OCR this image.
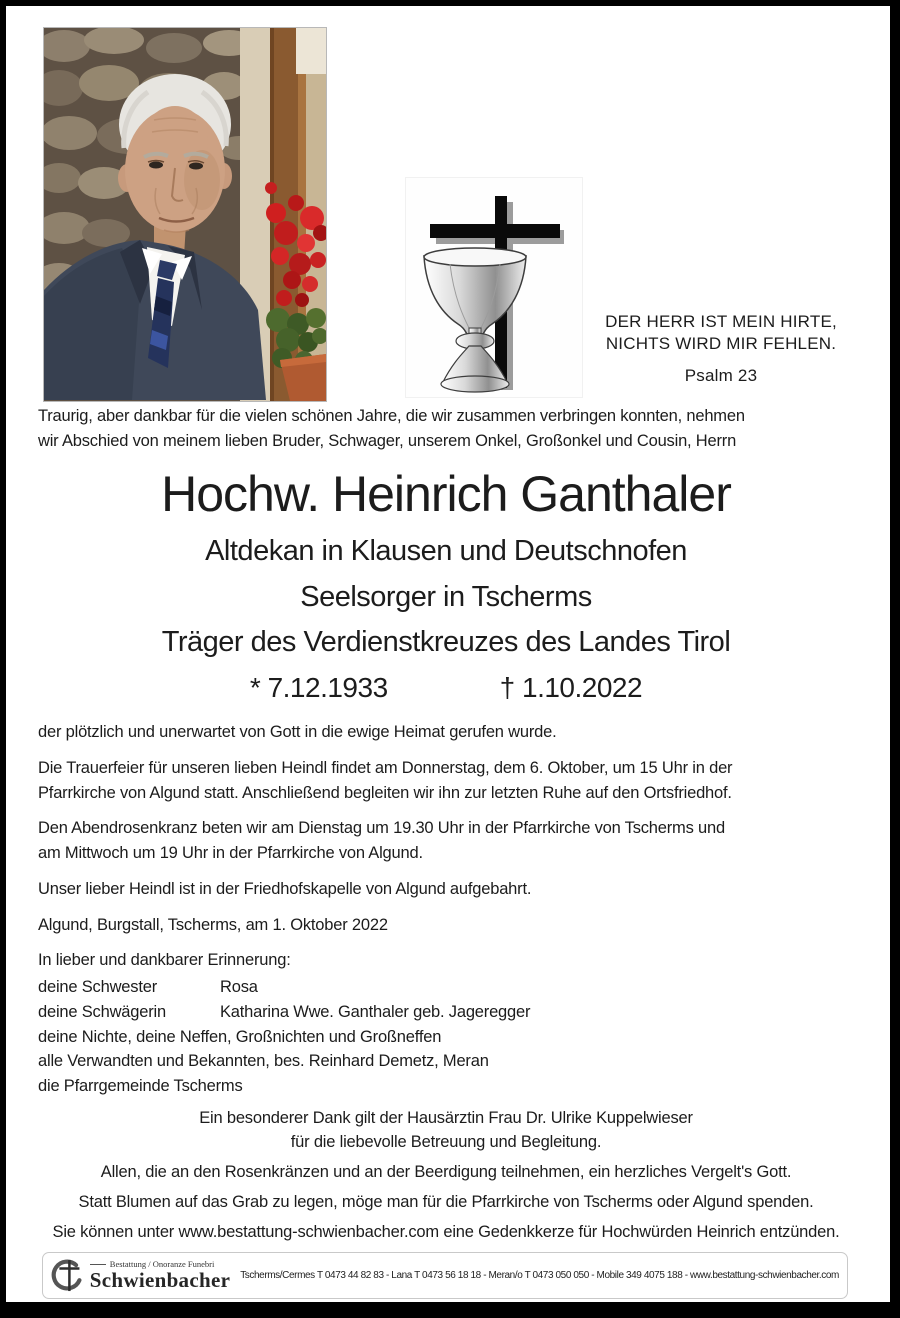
DER HERR IST MEIN HIRTE,
NICHTS WIRD MIR FEHLEN.
Psalm 23
Traurig, aber dankbar für die vielen schönen Jahre, die wir zusammen verbringen konnten, nehmen
wir Abschied von meinem lieben Bruder, Schwager, unserem Onkel, Großonkel und Cousin, Herrn
Hochw. Heinrich Ganthaler
Altdekan in Klausen und Deutschnofen
Seelsorger in Tscherms
Träger des Verdienstkreuzes des Landes Tirol
* 7.12.1933	† 1.10.2022
der plötzlich und unerwartet von Gott in die ewige Heimat gerufen wurde.
Die Trauerfeier für unseren lieben Heindl findet am Donnerstag, dem 6. Oktober, um 15 Uhr in der
Pfarrkirche von Algund statt. Anschließend begleiten wir ihn zur letzten Ruhe auf den Ortsfriedhof.
Den Abendrosenkranz beten wir am Dienstag um 19.30 Uhr in der Pfarrkirche von Tscherms und
am Mittwoch um 19 Uhr in der Pfarrkirche von Algund.
Unser lieber Heindl ist in der Friedhofskapelle von Algund aufgebahrt.
Algund, Burgstall, Tscherms, am 1. Oktober 2022
In lieber und dankbarer Erinnerung:
deine Schwester	Rosa
deine Schwägerin	Katharina Wwe. Ganthaler geb. Jageregger
deine Nichte, deine Neffen, Großnichten und Großneffen
alle Verwandten und Bekannten, bes. Reinhard Demetz, Meran
die Pfarrgemeinde Tscherms
Ein besonderer Dank gilt der Hausärztin Frau Dr. Ulrike Kuppelwieser
für die liebevolle Betreuung und Begleitung.
Allen, die an den Rosenkränzen und an der Beerdigung teilnehmen, ein herzliches Vergelt's Gott.
Statt Blumen auf das Grab zu legen, möge man für die Pfarrkirche von Tscherms oder Algund spenden.
Sie können unter www.bestattung-schwienbacher.com eine Gedenkkerze für Hochwürden Heinrich entzünden.
Bestattung / Onoranze Funebri
Schwienbacher Tscherms/Cermes T 0473 44 82 83 - Lana T 0473 56 18 18 - Meran/o T 0473 050 050 - Mobile 349 4075 188 - www.bestattung-schwienbacher.com
